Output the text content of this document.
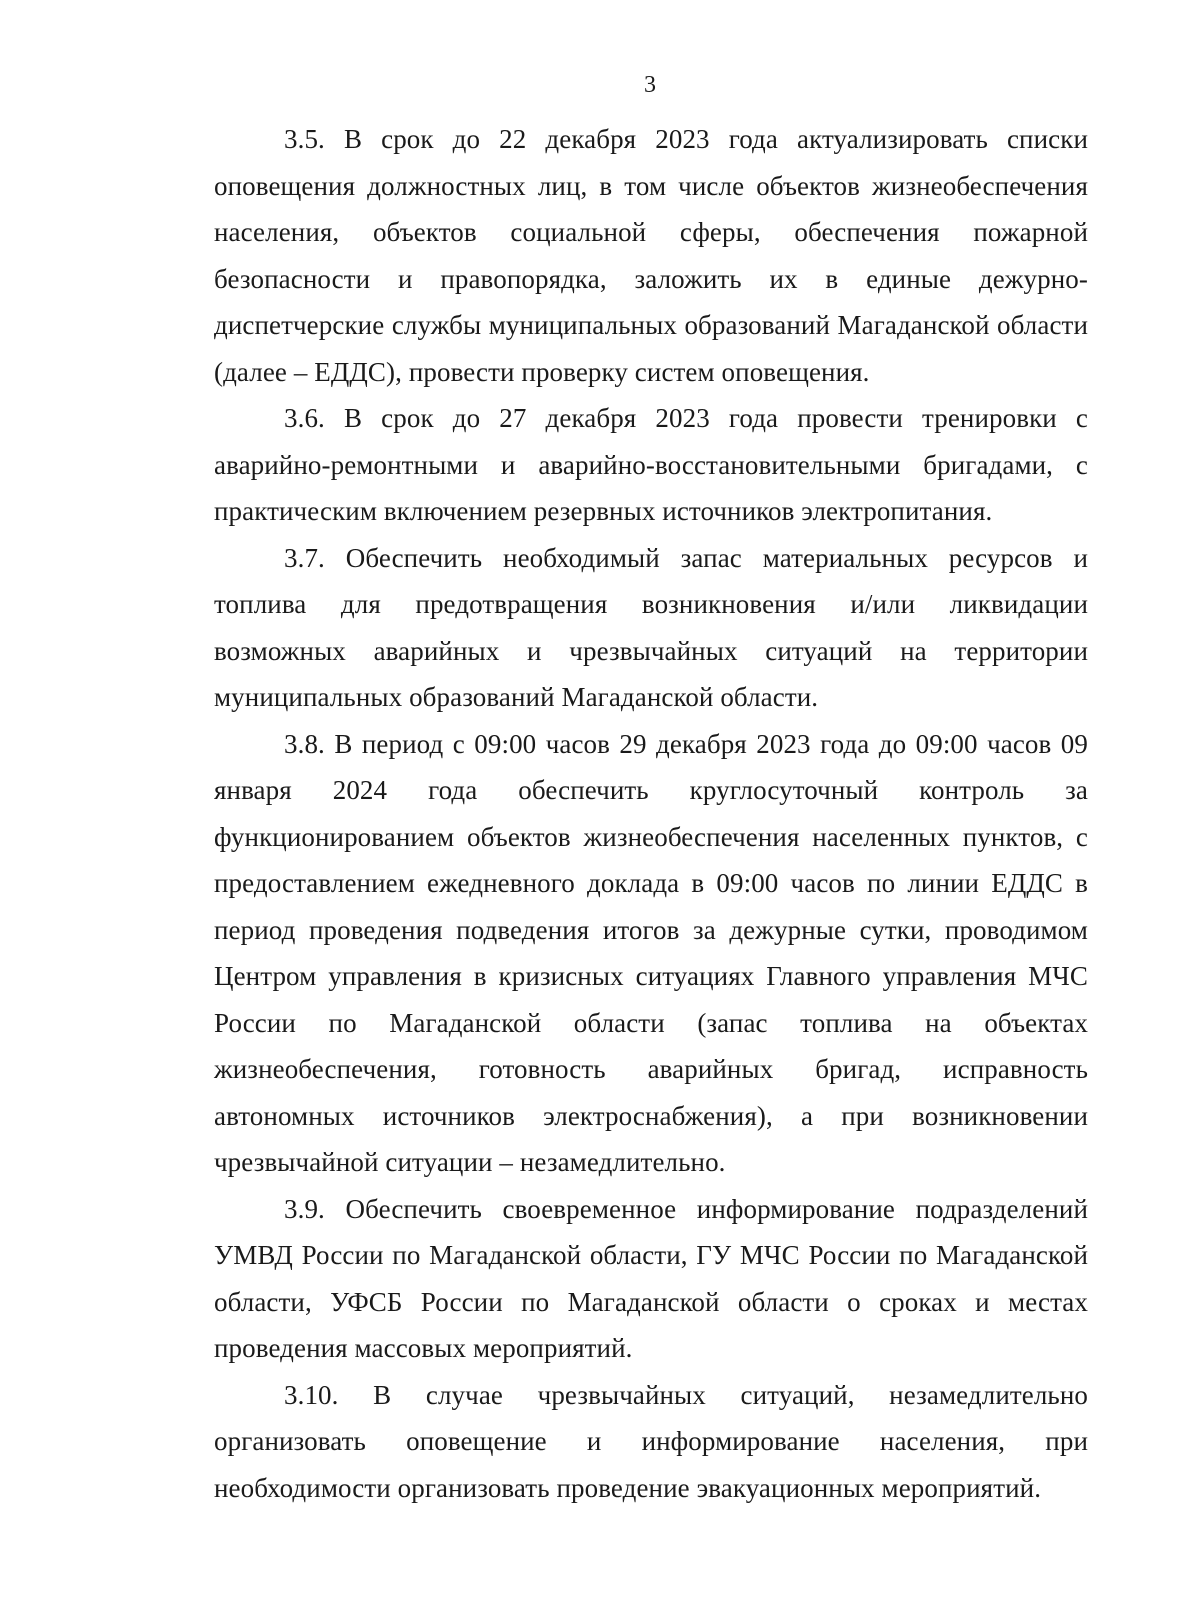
3

3.5. В срок до 22 декабря 2023 года актуализировать списки оповещения должностных лиц, в том числе объектов жизнеобеспечения населения, объектов социальной сферы, обеспечения пожарной безопасности и правопорядка, заложить их в единые дежурно-диспетчерские службы муниципальных образований Магаданской области (далее – ЕДДС), провести проверку систем оповещения.

3.6. В срок до 27 декабря 2023 года провести тренировки с аварийно-ремонтными и аварийно-восстановительными бригадами, с практическим включением резервных источников электропитания.

3.7. Обеспечить необходимый запас материальных ресурсов и топлива для предотвращения возникновения и/или ликвидации возможных аварийных и чрезвычайных ситуаций на территории муниципальных образований Магаданской области.

3.8. В период с 09:00 часов 29 декабря 2023 года до 09:00 часов 09 января 2024 года обеспечить круглосуточный контроль за функционированием объектов жизнеобеспечения населенных пунктов, с предоставлением ежедневного доклада в 09:00 часов по линии ЕДДС в период проведения подведения итогов за дежурные сутки, проводимом Центром управления в кризисных ситуациях Главного управления МЧС России по Магаданской области (запас топлива на объектах жизнеобеспечения, готовность аварийных бригад, исправность автономных источников электроснабжения), а при возникновении чрезвычайной ситуации – незамедлительно.

3.9. Обеспечить своевременное информирование подразделений УМВД России по Магаданской области, ГУ МЧС России по Магаданской области, УФСБ России по Магаданской области о сроках и местах проведения массовых мероприятий.

3.10. В случае чрезвычайных ситуаций, незамедлительно организовать оповещение и информирование населения, при необходимости организовать проведение эвакуационных мероприятий.
